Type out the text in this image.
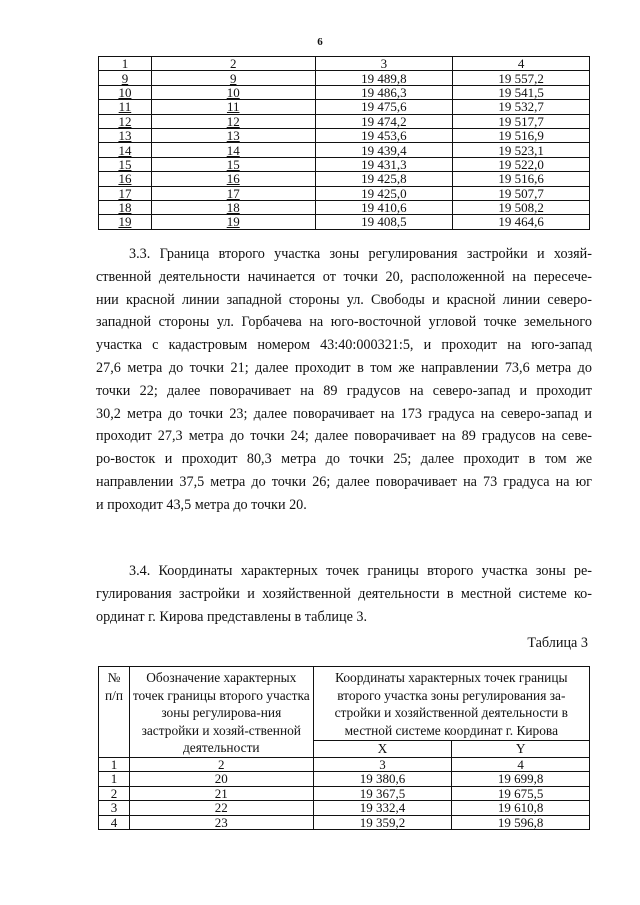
6
1	2	3	4
9	9	19 489,8	19 557,2
10	10	19 486,3	19 541,5
11	11	19 475,6	19 532,7
12	12	19 474,2	19 517,7
13	13	19 453,6	19 516,9
14	14	19 439,4	19 523,1
15	15	19 431,3	19 522,0
16	16	19 425,8	19 516,6
17	17	19 425,0	19 507,7
18	18	19 410,6	19 508,2
19	19	19 408,5	19 464,6
3.3. Граница второго участка зоны регулирования застройки и хозяй-
ственной деятельности начинается от точки 20, расположенной на пересече-
нии красной линии западной стороны ул. Свободы и красной линии северо-
западной стороны ул. Горбачева на юго-восточной угловой точке земельного
участка с кадастровым номером 43:40:000321:5, и проходит на юго-запад
27,6 метра до точки 21; далее проходит в том же направлении 73,6 метра до
точки 22; далее поворачивает на 89 градусов на северо-запад и проходит
30,2 метра до точки 23; далее поворачивает на 173 градуса на северо-запад и
проходит 27,3 метра до точки 24; далее поворачивает на 89 градусов на севе-
ро-восток и проходит 80,3 метра до точки 25; далее проходит в том же
направлении 37,5 метра до точки 26; далее поворачивает на 73 градуса на юг
и проходит 43,5 метра до точки 20.
3.4. Координаты характерных точек границы второго участка зоны ре-
гулирования застройки и хозяйственной деятельности в местной системе ко-
ординат г. Кирова представлены в таблице 3.
Таблица 3
№
п/п	Обозначение характерных точек границы второго участка зоны регулирова-ния застройки и хозяй-ственной деятельности	Координаты характерных точек границы второго участка зоны регулирования за-стройки и хозяйственной деятельности в местной системе координат г. Кирова	
		X	Y
1	2	3	4
1	20	19 380,6	19 699,8
2	21	19 367,5	19 675,5
3	22	19 332,4	19 610,8
4	23	19 359,2	19 596,8
